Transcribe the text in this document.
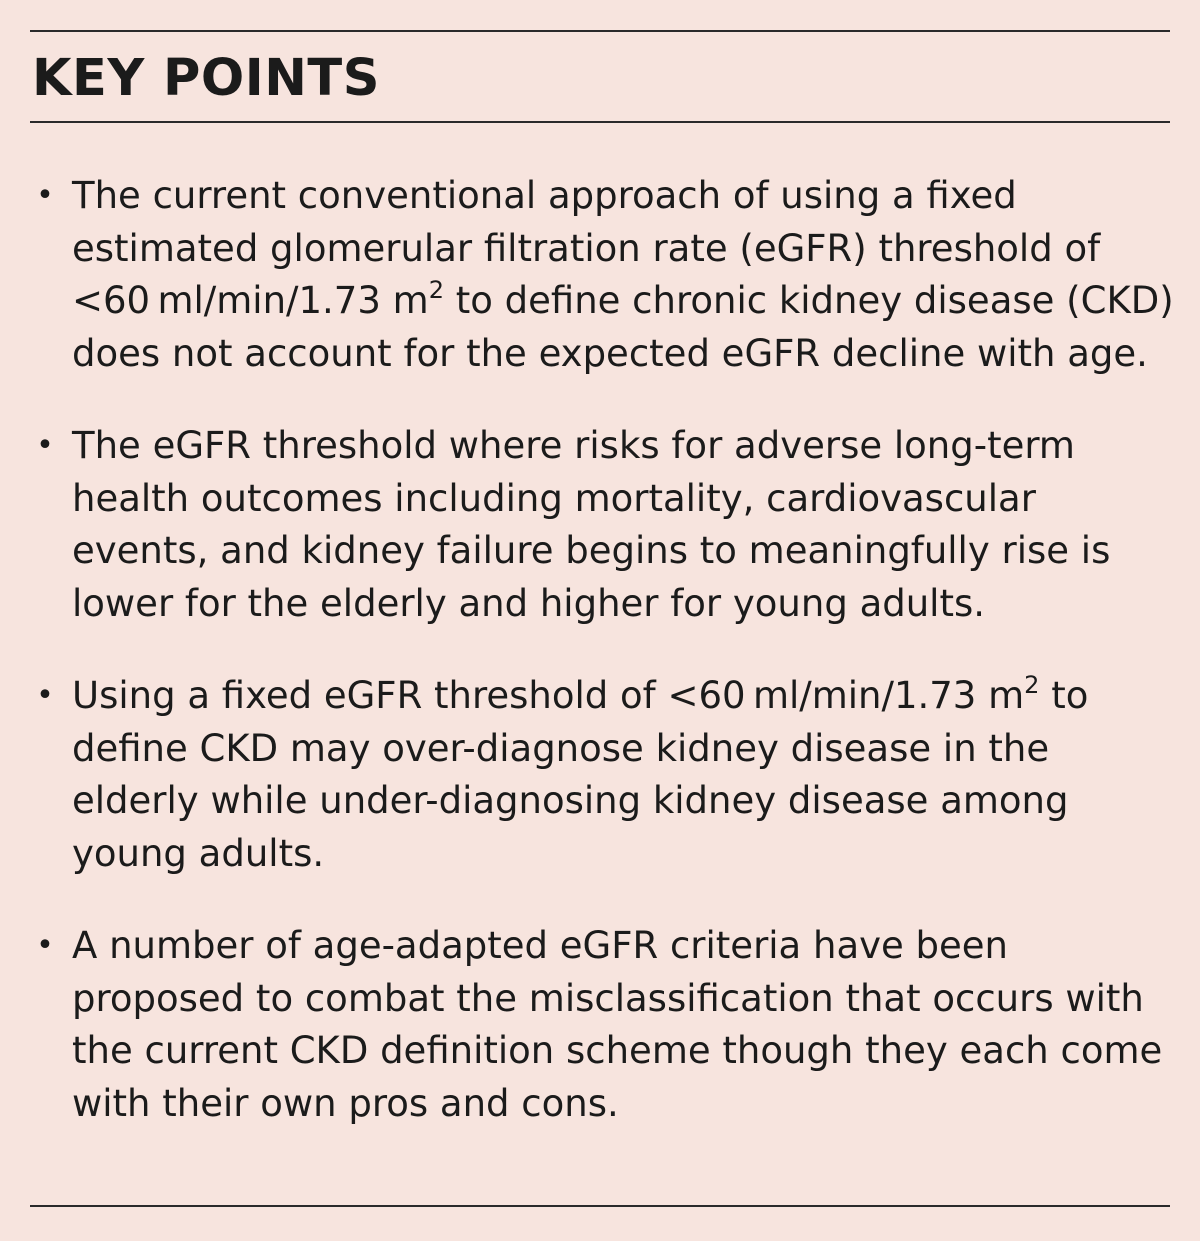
KEY POINTS
• The current conventional approach of using a fixed estimated glomerular filtration rate (eGFR) threshold of <60 ml/min/1.73 $m^2$ to define chronic kidney disease (CKD) does not account for the expected eGFR decline with age.
• The eGFR threshold where risks for adverse long-term health outcomes including mortality, cardiovascular events, and kidney failure begins to meaningfully rise is lower for the elderly and higher for young adults.
• Using a fixed eGFR threshold of <60 ml/min/1.73 $m^2$ to define CKD may over-diagnose kidney disease in the elderly while under-diagnosing kidney disease among young adults.
• A number of age-adapted eGFR criteria have been proposed to combat the misclassification that occurs with the current CKD definition scheme though they each come with their own pros and cons.
